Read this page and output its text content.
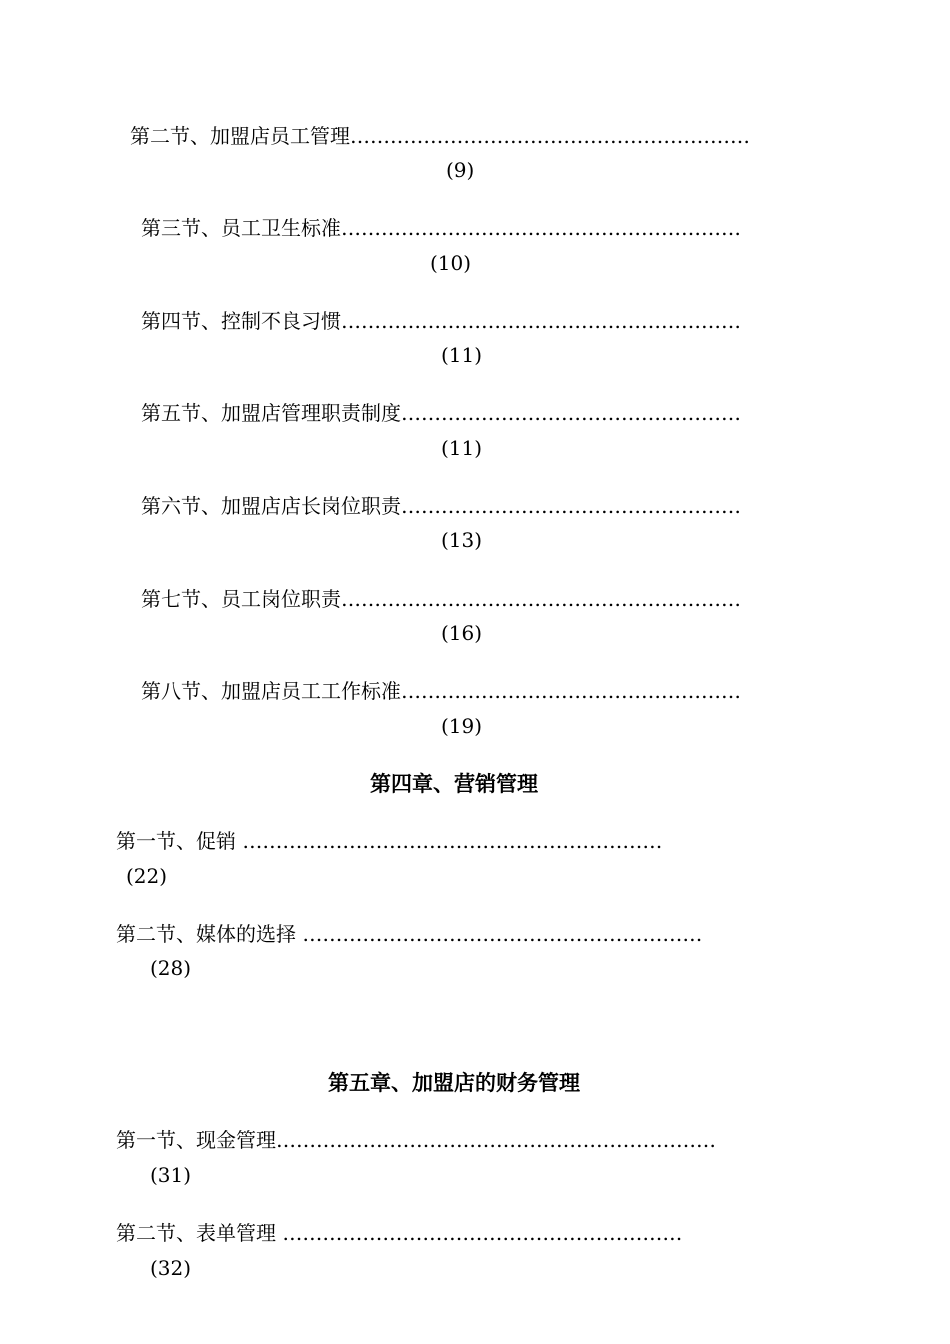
第二节、加盟店员工管理……………………………………………………
(9)
第三节、员工卫生标准……………………………………………………
(10)
第四节、控制不良习惯……………………………………………………
(11)
第五节、加盟店管理职责制度……………………………………………
(11)
第六节、加盟店店长岗位职责……………………………………………
(13)
第七节、员工岗位职责……………………………………………………
(16)
第八节、加盟店员工工作标准……………………………………………
(19)
第四章、营销管理
第一节、促销 ………………………………………………………
(22)
第二节、媒体的选择 ……………………………………………………
(28)
第五章、加盟店的财务管理
第一节、现金管理…………………………………………………………
(31)
第二节、表单管理 ……………………………………………………
(32)
